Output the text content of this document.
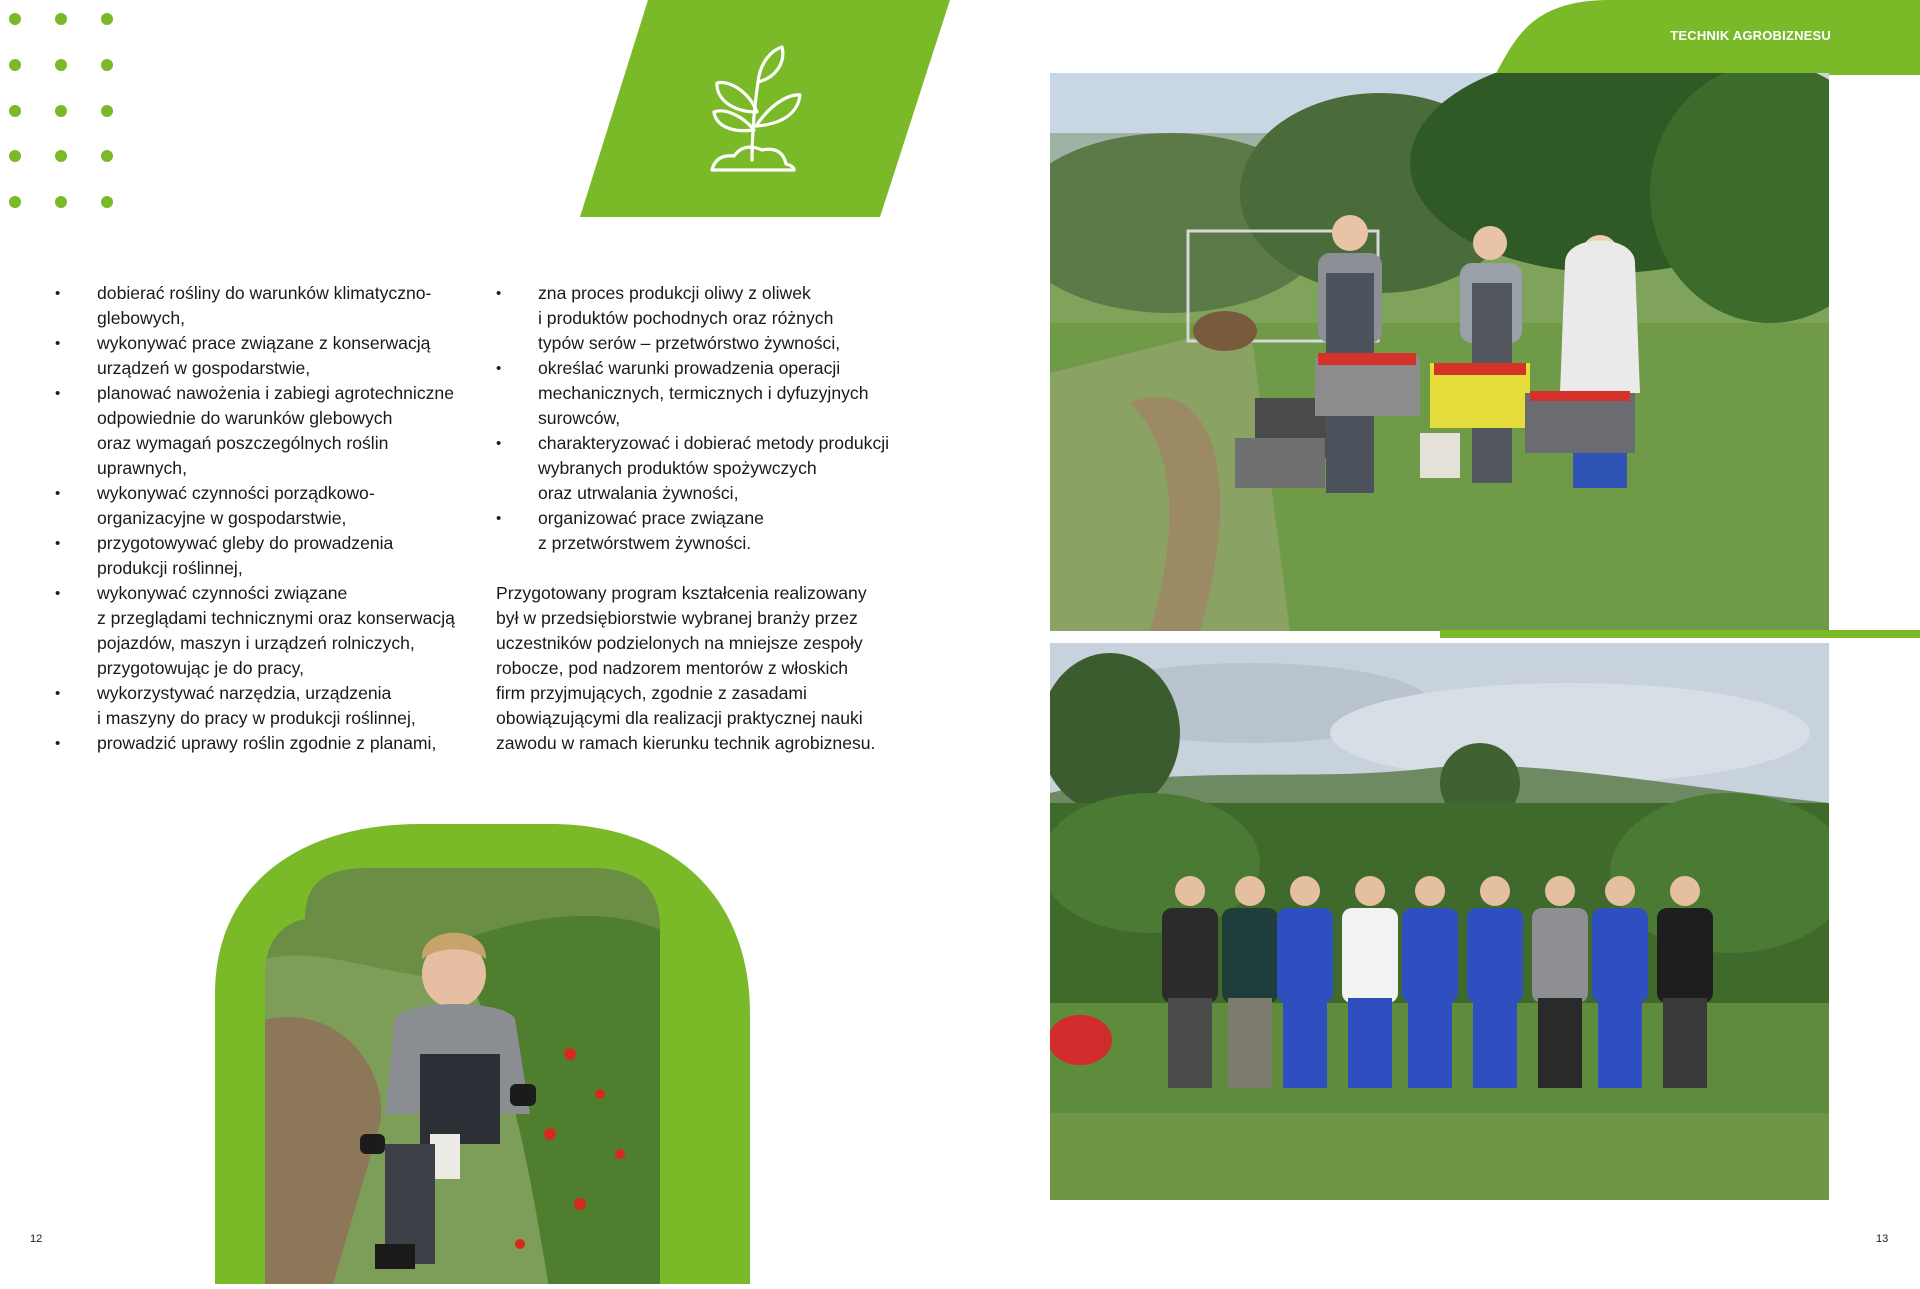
TECHNIK AGROBIZNESU
• dobierać rośliny do warunków klimatyczno-
glebowych,
• wykonywać prace związane z konserwacją
urządzeń w gospodarstwie,
• planować nawożenia i zabiegi agrotechniczne
odpowiednie do warunków glebowych
oraz wymagań poszczególnych roślin
uprawnych,
• wykonywać czynności porządkowo-
organizacyjne w gospodarstwie,
• przygotowywać gleby do prowadzenia
produkcji roślinnej,
• wykonywać czynności związane
z przeglądami technicznymi oraz konserwacją
pojazdów, maszyn i urządzeń rolniczych,
przygotowując je do pracy,
• wykorzystywać narzędzia, urządzenia
i maszyny do pracy w produkcji roślinnej,
• prowadzić uprawy roślin zgodnie z planami,
• zna proces produkcji oliwy z oliwek
i produktów pochodnych oraz różnych
typów serów – przetwórstwo żywności,
• określać warunki prowadzenia operacji
mechanicznych, termicznych i dyfuzyjnych
surowców,
• charakteryzować i dobierać metody produkcji
wybranych produktów spożywczych
oraz utrwalania żywności,
• organizować prace związane
z przetwórstwem żywności.
Przygotowany program kształcenia realizowany
był w przedsiębiorstwie wybranej branży przez
uczestników podzielonych na mniejsze zespoły
robocze, pod nadzorem mentorów z włoskich
firm przyjmujących, zgodnie z zasadami
obowiązującymi dla realizacji praktycznej nauki
zawodu w ramach kierunku technik agrobiznesu.
12	13
